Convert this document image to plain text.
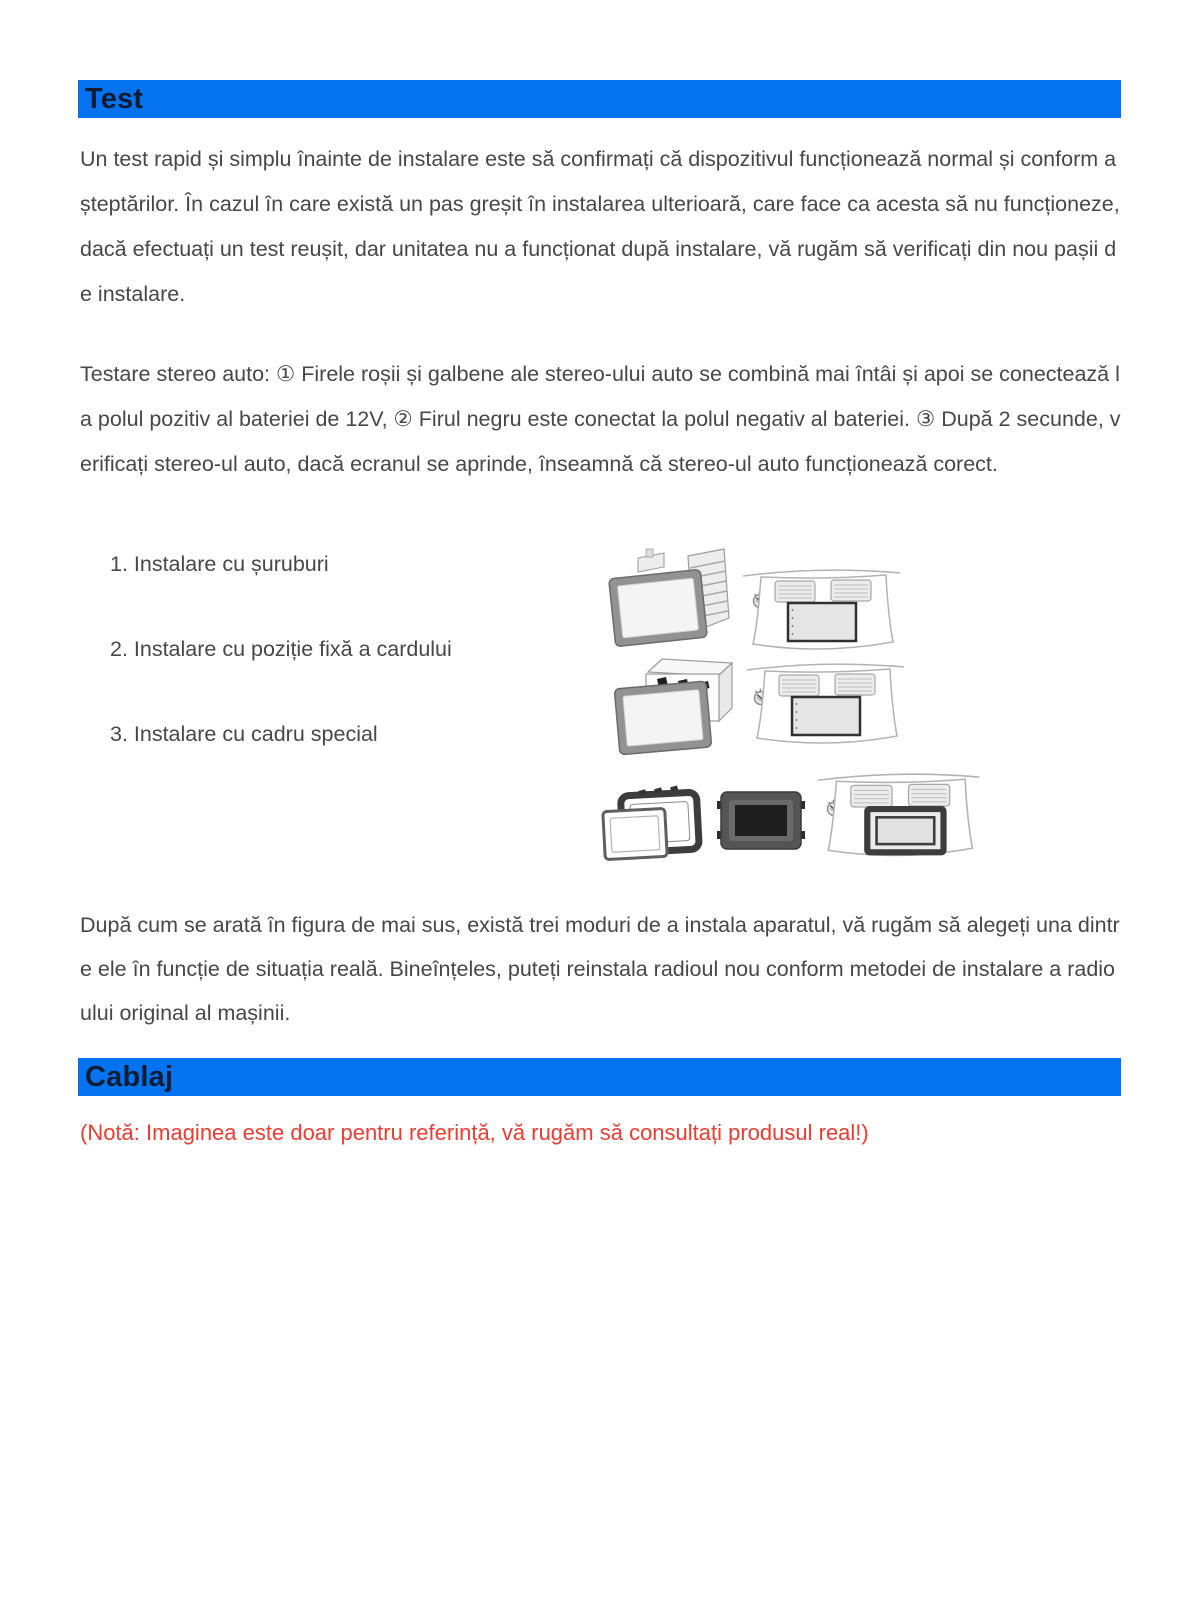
Test
Un test rapid și simplu înainte de instalare este să confirmați că dispozitivul funcționează normal și conform așteptărilor. În cazul în care există un pas greșit în instalarea ulterioară, care face ca acesta să nu funcționeze, dacă efectuați un test reușit, dar unitatea nu a funcționat după instalare, vă rugăm să verificați din nou pașii de instalare.
Testare stereo auto: ① Firele roșii și galbene ale stereo-ului auto se combină mai întâi și apoi se conectează la polul pozitiv al bateriei de 12V, ② Firul negru este conectat la polul negativ al bateriei. ③ După 2 secunde, verificați stereo-ul auto, dacă ecranul se aprinde, înseamnă că stereo-ul auto funcționează corect.
1. Instalare cu șuruburi
2. Instalare cu poziție fixă a cardului
3. Instalare cu cadru special
După cum se arată în figura de mai sus, există trei moduri de a instala aparatul, vă rugăm să alegeți una dintre ele în funcție de situația reală. Bineînțeles, puteți reinstala radioul nou conform metodei de instalare a radioului original al mașinii.
Cablaj
(Notă: Imaginea este doar pentru referință, vă rugăm să consultați produsul real!)
